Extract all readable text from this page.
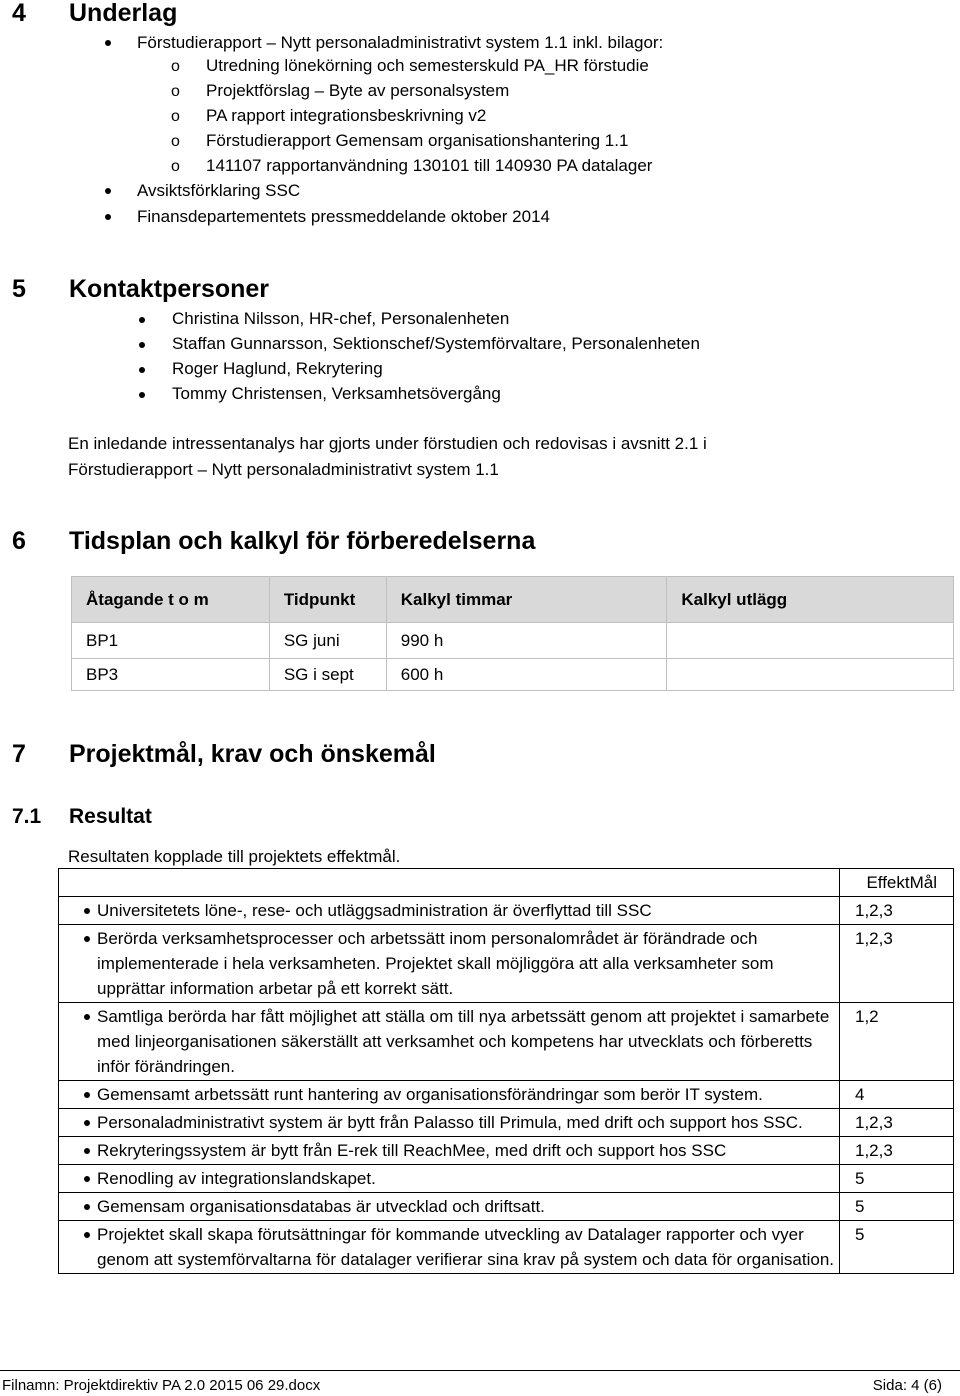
4 Underlag
Förstudierapport – Nytt personaladministrativt system 1.1 inkl. bilagor:
o Utredning lönekörning och semesterskuld PA_HR förstudie
o Projektförslag – Byte av personalsystem
o PA rapport integrationsbeskrivning v2
o Förstudierapport Gemensam organisationshantering 1.1
o 141107 rapportanvändning 130101 till 140930 PA datalager
Avsiktsförklaring SSC
Finansdepartementets pressmeddelande oktober 2014
5 Kontaktpersoner
Christina Nilsson, HR-chef, Personalenheten
Staffan Gunnarsson, Sektionschef/Systemförvaltare, Personalenheten
Roger Haglund, Rekrytering
Tommy Christensen, Verksamhetsövergång
En inledande intressentanalys har gjorts under förstudien och redovisas i avsnitt 2.1 i
Förstudierapport – Nytt personaladministrativt system 1.1
6 Tidsplan och kalkyl för förberedelserna
Åtagande t o m	Tidpunkt	Kalkyl timmar	Kalkyl utlägg
BP1	SG juni	990 h	
BP3	SG i sept	600 h	
7 Projektmål, krav och önskemål
7.1 Resultat
Resultaten kopplade till projektets effektmål.
	EffektMål

Universitetets löne-, rese- och utläggsadministration är överflyttad till SSC	1,2,3

Berörda verksamhetsprocesser och arbetssätt inom personalområdet är förändrade och implementerade i hela verksamheten. Projektet skall möjliggöra att alla verksamheter som upprättar information arbetar på ett korrekt sätt.	1,2,3

Samtliga berörda har fått möjlighet att ställa om till nya arbetssätt genom att projektet i samarbete med linjeorganisationen säkerställt att verksamhet och kompetens har utvecklats och förberetts inför förändringen.	1,2

Gemensamt arbetssätt runt hantering av organisationsförändringar som berör IT system.	4

Personaladministrativt system är bytt från Palasso till Primula, med drift och support hos SSC.	1,2,3

Rekryteringssystem är bytt från E-rek till ReachMee, med drift och support hos SSC	1,2,3

Renodling av integrationslandskapet.	5

Gemensam organisationsdatabas är utvecklad och driftsatt.	5

Projektet skall skapa förutsättningar för kommande utveckling av Datalager rapporter och vyer genom att systemförvaltarna för datalager verifierar sina krav på system och data för organisation.	5
Filnamn: Projektdirektiv PA 2.0 2015 06 29.docx	Sida: 4 (6)
